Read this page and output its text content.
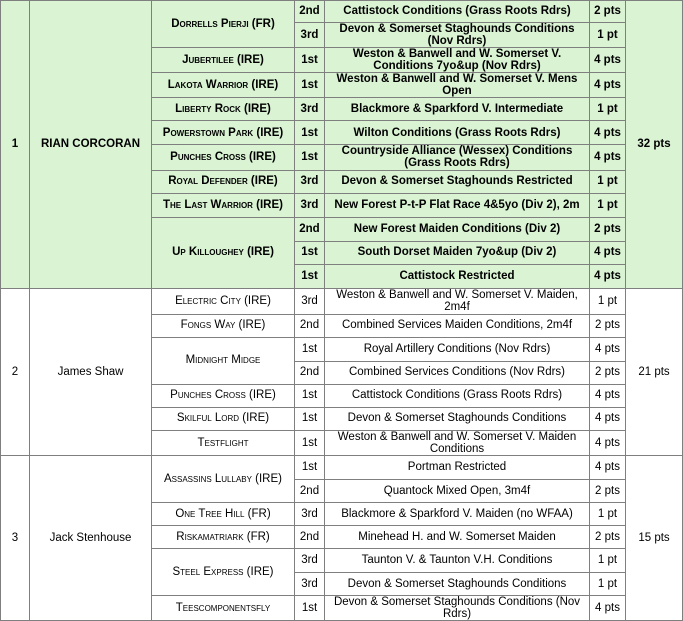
1	RIAN CORCORAN	Dorrells Pierji (FR)	2nd	Cattistock Conditions (Grass Roots Rdrs)	2 pts	32 pts
			3rd	Devon & Somerset Staghounds Conditions (Nov Rdrs)	1 pt	
		Jubertilee (IRE)	1st	Weston & Banwell and W. Somerset V. Conditions 7yo&up (Nov Rdrs)	4 pts	
		Lakota Warrior (IRE)	1st	Weston & Banwell and W. Somerset V. Mens Open	4 pts	
		Liberty Rock (IRE)	3rd	Blackmore & Sparkford V. Intermediate	1 pt	
		Powerstown Park (IRE)	1st	Wilton Conditions (Grass Roots Rdrs)	4 pts	
		Punches Cross (IRE)	1st	Countryside Alliance (Wessex) Conditions (Grass Roots Rdrs)	4 pts	
		Royal Defender (IRE)	3rd	Devon & Somerset Staghounds Restricted	1 pt	
		The Last Warrior (IRE)	3rd	New Forest P-t-P Flat Race 4&5yo (Div 2), 2m	1 pt	
		Up Killoughey (IRE)	2nd	New Forest Maiden Conditions (Div 2)	2 pts	
			1st	South Dorset Maiden 7yo&up (Div 2)	4 pts	
			1st	Cattistock Restricted	4 pts	
2	James Shaw	Electric City (IRE)	3rd	Weston & Banwell and W. Somerset V. Maiden, 2m4f	1 pt	21 pts
		Fongs Way (IRE)	2nd	Combined Services Maiden Conditions, 2m4f	2 pts	
		Midnight Midge	1st	Royal Artillery Conditions (Nov Rdrs)	4 pts	
			2nd	Combined Services Conditions (Nov Rdrs)	2 pts	
		Punches Cross (IRE)	1st	Cattistock Conditions (Grass Roots Rdrs)	4 pts	
		Skilful Lord (IRE)	1st	Devon & Somerset Staghounds Conditions	4 pts	
		Testflight	1st	Weston & Banwell and W. Somerset V. Maiden Conditions	4 pts	
3	Jack Stenhouse	Assassins Lullaby (IRE)	1st	Portman Restricted	4 pts	15 pts
			2nd	Quantock Mixed Open, 3m4f	2 pts	
		One Tree Hill (FR)	3rd	Blackmore & Sparkford V. Maiden (no WFAA)	1 pt	
		Riskamatriark (FR)	2nd	Minehead H. and W. Somerset Maiden	2 pts	
		Steel Express (IRE)	3rd	Taunton V. & Taunton V.H. Conditions	1 pt	
			3rd	Devon & Somerset Staghounds Conditions	1 pt	
		Teescomponentsfly	1st	Devon & Somerset Staghounds Conditions (Nov Rdrs)	4 pts	
